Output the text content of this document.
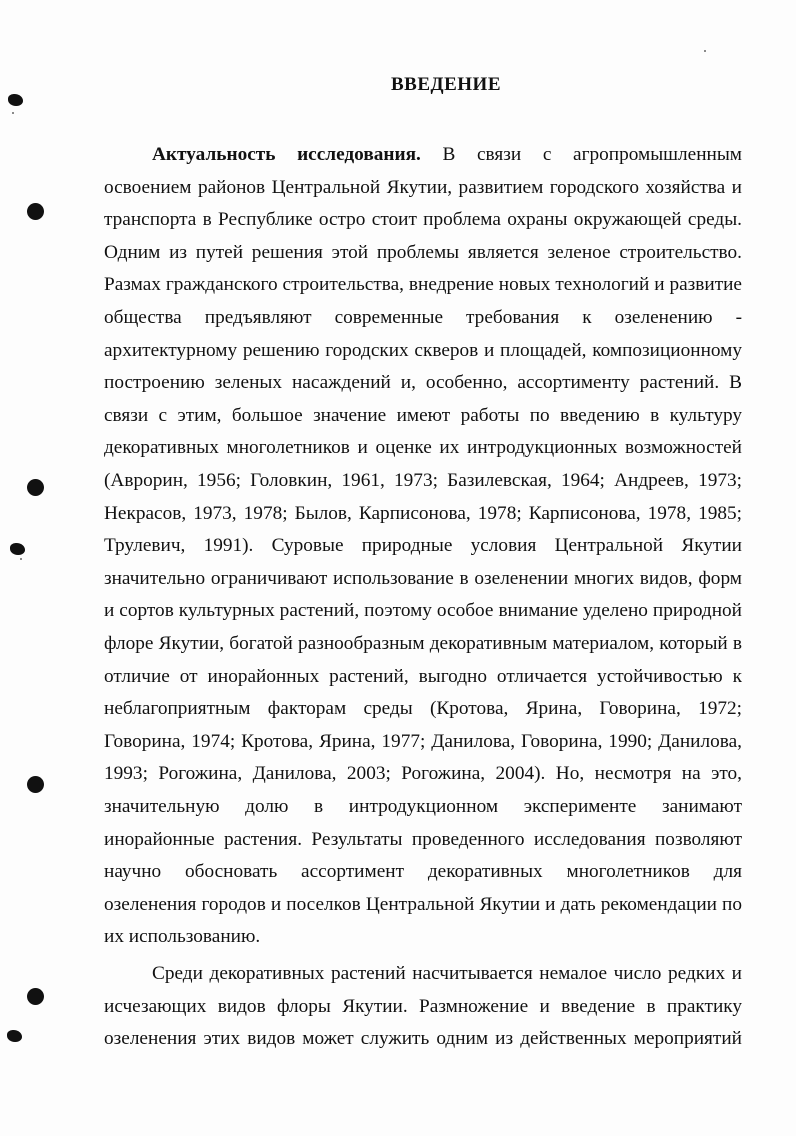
ВВЕДЕНИЕ
Актуальность исследования. В связи с агропромышленным
освоением районов Центральной Якутии, развитием городского хозяйства и
транспорта в Республике остро стоит проблема охраны окружающей среды.
Одним из путей решения этой проблемы является зеленое строительство.
Размах гражданского строительства, внедрение новых технологий и развитие
общества предъявляют современные требования к озеленению -
архитектурному решению городских скверов и площадей, композиционному
построению зеленых насаждений и, особенно, ассортименту растений. В
связи с этим, большое значение имеют работы по введению в культуру
декоративных многолетников и оценке их интродукционных возможностей
(Аврорин, 1956; Головкин, 1961, 1973; Базилевская, 1964; Андреев, 1973;
Некрасов, 1973, 1978; Былов, Карписонова, 1978; Карписонова, 1978, 1985;
Трулевич, 1991). Суровые природные условия Центральной Якутии
значительно ограничивают использование в озеленении многих видов, форм
и сортов культурных растений, поэтому особое внимание уделено природной
флоре Якутии, богатой разнообразным декоративным материалом, который в
отличие от инорайонных растений, выгодно отличается устойчивостью к
неблагоприятным факторам среды (Кротова, Ярина, Говорина, 1972;
Говорина, 1974; Кротова, Ярина, 1977; Данилова, Говорина, 1990; Данилова,
1993; Рогожина, Данилова, 2003; Рогожина, 2004). Но, несмотря на это,
значительную долю в интродукционном эксперименте занимают
инорайонные растения. Результаты проведенного исследования позволяют
научно обосновать ассортимент декоративных многолетников для
озеленения городов и поселков Центральной Якутии и дать рекомендации по
их использованию.
Среди декоративных растений насчитывается немалое число редких и
исчезающих видов флоры Якутии. Размножение и введение в практику
озеленения этих видов может служить одним из действенных мероприятий
